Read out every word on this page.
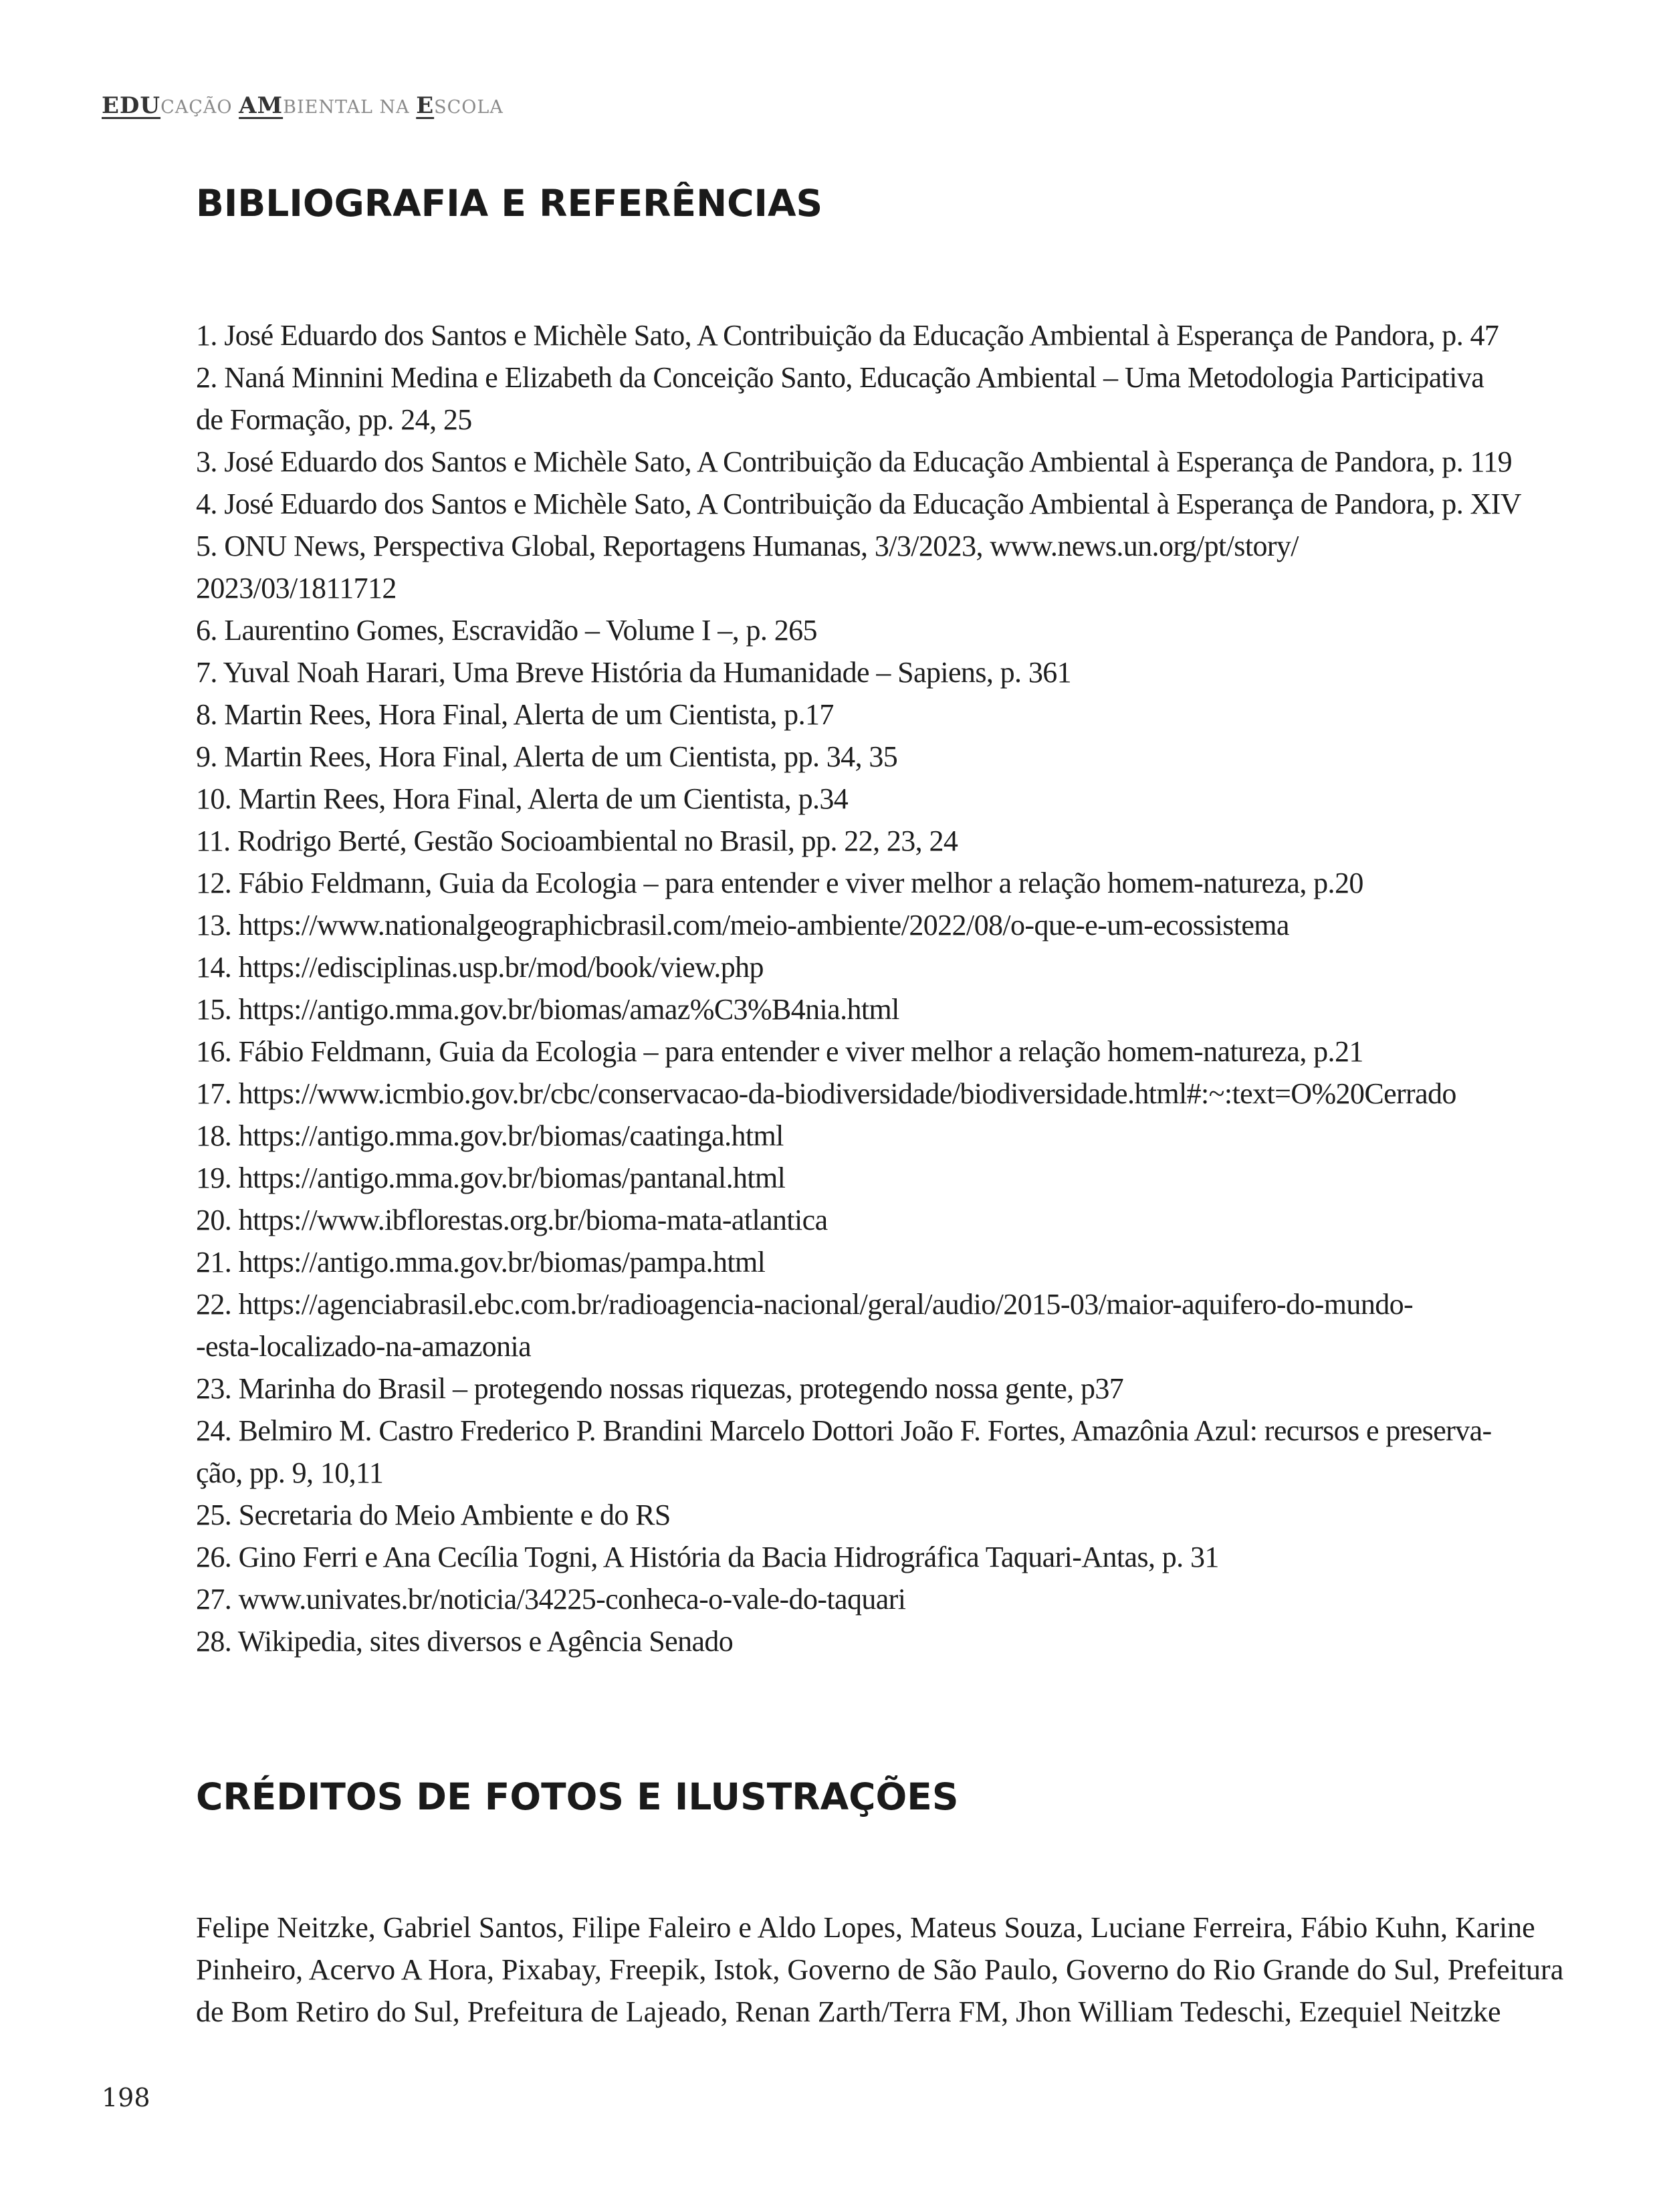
EDUCAÇÃO AMBIENTAL NA ESCOLA
BIBLIOGRAFIA E REFERÊNCIAS
1. José Eduardo dos Santos e Michèle Sato, A Contribuição da Educação Ambiental à Esperança de Pandora, p. 47
2. Naná Minnini Medina e Elizabeth da Conceição Santo, Educação Ambiental – Uma Metodologia Participativa
de Formação, pp. 24, 25
3. José Eduardo dos Santos e Michèle Sato, A Contribuição da Educação Ambiental à Esperança de Pandora, p. 119
4. José Eduardo dos Santos e Michèle Sato, A Contribuição da Educação Ambiental à Esperança de Pandora, p. XIV
5. ONU News, Perspectiva Global, Reportagens Humanas, 3/3/2023, www.news.un.org/pt/story/
2023/03/1811712
6. Laurentino Gomes, Escravidão – Volume I –, p. 265
7. Yuval Noah Harari, Uma Breve História da Humanidade – Sapiens, p. 361
8. Martin Rees, Hora Final, Alerta de um Cientista, p.17
9. Martin Rees, Hora Final, Alerta de um Cientista, pp. 34, 35
10. Martin Rees, Hora Final, Alerta de um Cientista, p.34
11. Rodrigo Berté, Gestão Socioambiental no Brasil, pp. 22, 23, 24
12. Fábio Feldmann, Guia da Ecologia – para entender e viver melhor a relação homem-natureza, p.20
13. https://www.nationalgeographicbrasil.com/meio-ambiente/2022/08/o-que-e-um-ecossistema
14. https://edisciplinas.usp.br/mod/book/view.php
15. https://antigo.mma.gov.br/biomas/amaz%C3%B4nia.html
16. Fábio Feldmann, Guia da Ecologia – para entender e viver melhor a relação homem-natureza, p.21
17. https://www.icmbio.gov.br/cbc/conservacao-da-biodiversidade/biodiversidade.html#:~:text=O%20Cerrado
18. https://antigo.mma.gov.br/biomas/caatinga.html
19. https://antigo.mma.gov.br/biomas/pantanal.html
20. https://www.ibflorestas.org.br/bioma-mata-atlantica
21. https://antigo.mma.gov.br/biomas/pampa.html
22. https://agenciabrasil.ebc.com.br/radioagencia-nacional/geral/audio/2015-03/maior-aquifero-do-mundo-
-esta-localizado-na-amazonia
23. Marinha do Brasil – protegendo nossas riquezas, protegendo nossa gente, p37
24. Belmiro M. Castro Frederico P. Brandini Marcelo Dottori João F. Fortes, Amazônia Azul: recursos e preserva-
ção, pp. 9, 10,11
25. Secretaria do Meio Ambiente e do RS
26. Gino Ferri e Ana Cecília Togni, A História da Bacia Hidrográfica Taquari-Antas, p. 31
27. www.univates.br/noticia/34225-conheca-o-vale-do-taquari
28. Wikipedia, sites diversos e Agência Senado
CRÉDITOS DE FOTOS E ILUSTRAÇÕES

Felipe Neitzke, Gabriel Santos, Filipe Faleiro e Aldo Lopes, Mateus Souza, Luciane Ferreira, Fábio Kuhn, Karine Pinheiro, Acervo A Hora, Pixabay, Freepik, Istok, Governo de São Paulo, Governo do Rio Grande do Sul, Prefeitura de Bom Retiro do Sul, Prefeitura de Lajeado, Renan Zarth/Terra FM, Jhon William Tedeschi, Ezequiel Neitzke

198
